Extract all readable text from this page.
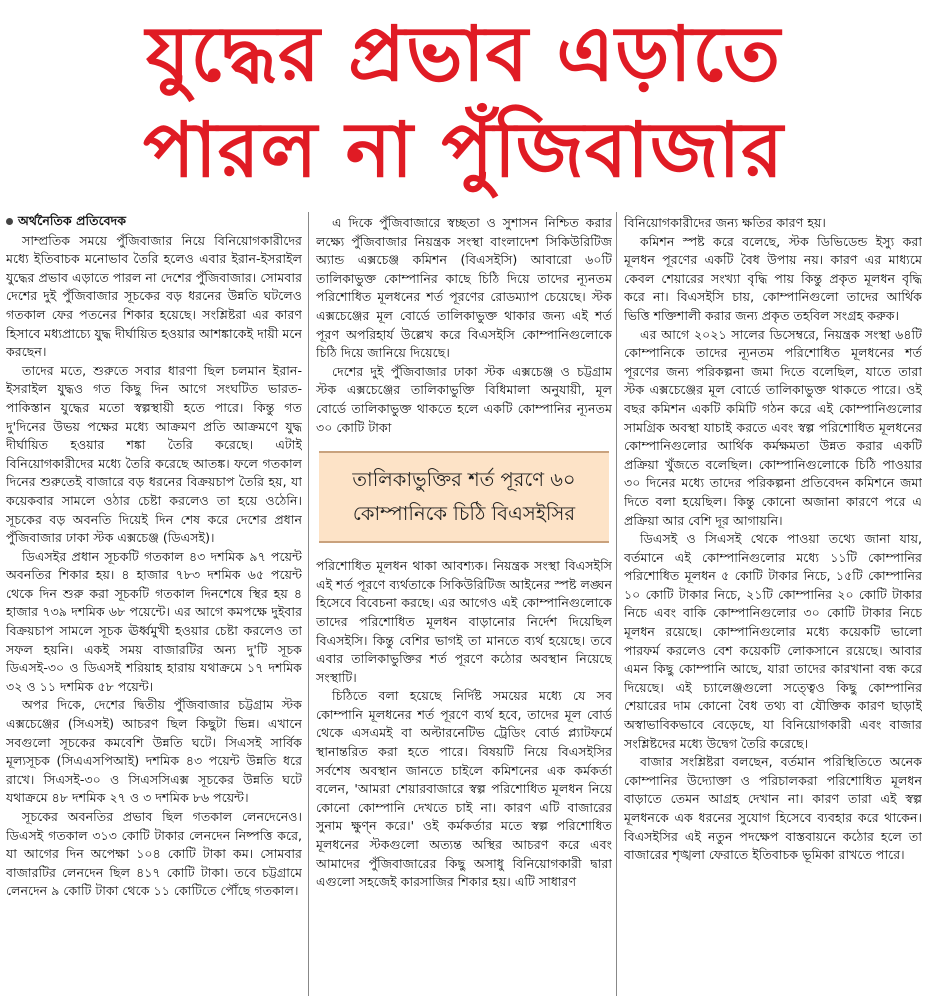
যুদ্ধের প্রভাব এড়াতে
পারল না পুঁজিবাজার
অর্থনৈতিক প্রতিবেদক

সাম্প্রতিক সময়ে পুঁজিবাজার নিয়ে বিনিয়োগকারীদের মধ্যে ইতিবাচক মনোভাব তৈরি হলেও এবার ইরান-ইসরাইল যুদ্ধের প্রভাব এড়াতে পারল না দেশের পুঁজিবাজার। সোমবার দেশের দুই পুঁজিবাজার সূচকের বড় ধরনের উন্নতি ঘটলেও গতকাল ফের পতনের শিকার হয়েছে। সংশ্লিষ্টরা এর কারণ হিসাবে মধ্যপ্রাচ্যে যুদ্ধ দীর্ঘায়িত হওয়ার আশঙ্কাকেই দায়ী মনে করছেন।

তাদের মতে, শুরুতে সবার ধারণা ছিল চলমান ইরান-ইসরাইল যুদ্ধও গত কিছু দিন আগে সংঘটিত ভারত-পাকিস্তান যুদ্ধের মতো স্বল্পস্থায়ী হতে পারে। কিন্তু গত দু'দিনের উভয় পক্ষের মধ্যে আক্রমণ প্রতি আক্রমণে যুদ্ধ দীর্ঘায়িত হওয়ার শঙ্কা তৈরি করেছে। এটাই বিনিয়োগকারীদের মধ্যে তৈরি করেছে আতঙ্ক। ফলে গতকাল দিনের শুরুতেই বাজারে বড় ধরনের বিক্রয়চাপ তৈরি হয়, যা কয়েকবার সামলে ওঠার চেষ্টা করলেও তা হয়ে ওঠেনি। সূচকের বড় অবনতি দিয়েই দিন শেষ করে দেশের প্রধান পুঁজিবাজার ঢাকা স্টক এক্সচেঞ্জ (ডিএসই)।

ডিএসইর প্রধান সূচকটি গতকাল ৪৩ দশমিক ৯৭ পয়েন্ট অবনতির শিকার হয়। ৪ হাজার ৭৮৩ দশমিক ৬৫ পয়েন্ট থেকে দিন শুরু করা সূচকটি গতকাল দিনশেষে স্থির হয় ৪ হাজার ৭৩৯ দশমিক ৬৮ পয়েন্টে। এর আগে কমপক্ষে দুইবার বিক্রয়চাপ সামলে সূচক ঊর্ধ্বমুখী হওয়ার চেষ্টা করলেও তা সফল হয়নি। একই সময় বাজারটির অন্য দু'টি সূচক ডিএসই-৩০ ও ডিএসই শরিয়াহ হারায় যথাক্রমে ১৭ দশমিক ৩২ ও ১১ দশমিক ৫৮ পয়েন্ট।

অপর দিকে, দেশের দ্বিতীয় পুঁজিবাজার চট্টগ্রাম স্টক এক্সচেঞ্জের (সিএসই) আচরণ ছিল কিছুটা ভিন্ন। এখানে সবগুলো সূচকের কমবেশি উন্নতি ঘটে। সিএসই সার্বিক মূল্যসূচক (সিএএসপিআই) দশমিক ৪৩ পয়েন্ট উন্নতি ধরে রাখে। সিএসই-৩০ ও সিএসসিএক্স সূচকের উন্নতি ঘটে যথাক্রমে ৪৮ দশমিক ২৭ ও ৩ দশমিক ৮৬ পয়েন্ট।

সূচকের অবনতির প্রভাব ছিল গতকাল লেনদেনেও। ডিএসই গতকাল ৩১৩ কোটি টাকার লেনদেন নিষ্পত্তি করে, যা আগের দিন অপেক্ষা ১০৪ কোটি টাকা কম। সোমবার বাজারটির লেনদেন ছিল ৪১৭ কোটি টাকা। তবে চট্টগ্রামে লেনদেন ৯ কোটি টাকা থেকে ১১ কোটিতে পৌঁছে গতকাল।

এ দিকে পুঁজিবাজারে স্বচ্ছতা ও সুশাসন নিশ্চিত করার লক্ষ্যে পুঁজিবাজার নিয়ন্ত্রক সংস্থা বাংলাদেশ সিকিউরিটিজ অ্যান্ড এক্সচেঞ্জ কমিশন (বিএসইসি) আবারো ৬০টি তালিকাভুক্ত কোম্পানির কাছে চিঠি দিয়ে তাদের ন্যূনতম পরিশোধিত মূলধনের শর্ত পূরণের রোডম্যাপ চেয়েছে। স্টক এক্সচেঞ্জের মূল বোর্ডে তালিকাভুক্ত থাকার জন্য এই শর্ত পূরণ অপরিহার্য উল্লেখ করে বিএসইসি কোম্পানিগুলোকে চিঠি দিয়ে জানিয়ে দিয়েছে।

দেশের দুই পুঁজিবাজার ঢাকা স্টক এক্সচেঞ্জ ও চট্টগ্রাম স্টক এক্সচেঞ্জের তালিকাভুক্তি বিধিমালা অনুযায়ী, মূল বোর্ডে তালিকাভুক্ত থাকতে হলে একটি কোম্পানির ন্যূনতম ৩০ কোটি টাকা

তালিকাভুক্তির শর্ত পূরণে ৬০ কোম্পানিকে চিঠি বিএসইসির

পরিশোধিত মূলধন থাকা আবশ্যক। নিয়ন্ত্রক সংস্থা বিএসইসি এই শর্ত পূরণে ব্যর্থতাকে সিকিউরিটিজ আইনের স্পষ্ট লঙ্ঘন হিসেবে বিবেচনা করছে। এর আগেও এই কোম্পানিগুলোকে তাদের পরিশোধিত মূলধন বাড়ানোর নির্দেশ দিয়েছিল বিএসইসি। কিন্তু বেশির ভাগই তা মানতে ব্যর্থ হয়েছে। তবে এবার তালিকাভুক্তির শর্ত পূরণে কঠোর অবস্থান নিয়েছে সংস্থাটি।

চিঠিতে বলা হয়েছে নির্দিষ্ট সময়ের মধ্যে যে সব কোম্পানি মূলধনের শর্ত পূরণে ব্যর্থ হবে, তাদের মূল বোর্ড থেকে এসএমই বা অল্টারনেটিভ ট্রেডিং বোর্ড প্ল্যাটফর্মে স্থানান্তরিত করা হতে পারে। বিষয়টি নিয়ে বিএসইসির সর্বশেষ অবস্থান জানতে চাইলে কমিশনের এক কর্মকর্তা বলেন, 'আমরা শেয়ারবাজারে স্বল্প পরিশোধিত মূলধন নিয়ে কোনো কোম্পানি দেখতে চাই না। কারণ এটি বাজারের সুনাম ক্ষুণ্ন করে।' ওই কর্মকর্তার মতে স্বল্প পরিশোধিত মূলধনের স্টকগুলো অত্যন্ত অস্থির আচরণ করে এবং আমাদের পুঁজিবাজারের কিছু অসাধু বিনিয়োগকারী দ্বারা এগুলো সহজেই কারসাজির শিকার হয়। এটি সাধারণ

বিনিয়োগকারীদের জন্য ক্ষতির কারণ হয়।

কমিশন স্পষ্ট করে বলেছে, স্টক ডিভিডেন্ড ইস্যু করা মূলধন পূরণের একটি বৈধ উপায় নয়। কারণ এর মাধ্যমে কেবল শেয়ারের সংখ্যা বৃদ্ধি পায় কিন্তু প্রকৃত মূলধন বৃদ্ধি করে না। বিএসইসি চায়, কোম্পানিগুলো তাদের আর্থিক ভিত্তি শক্তিশালী করার জন্য প্রকৃত তহবিল সংগ্রহ করুক।

এর আগে ২০২১ সালের ডিসেম্বরে, নিয়ন্ত্রক সংস্থা ৬৪টি কোম্পানিকে তাদের ন্যূনতম পরিশোধিত মূলধনের শর্ত পূরণের জন্য পরিকল্পনা জমা দিতে বলেছিল, যাতে তারা স্টক এক্সচেঞ্জের মূল বোর্ডে তালিকাভুক্ত থাকতে পারে। ওই বছর কমিশন একটি কমিটি গঠন করে এই কোম্পানিগুলোর সামগ্রিক অবস্থা যাচাই করতে এবং স্বল্প পরিশোধিত মূলধনের কোম্পানিগুলোর আর্থিক কর্মক্ষমতা উন্নত করার একটি প্রক্রিয়া খুঁজতে বলেছিল। কোম্পানিগুলোকে চিঠি পাওয়ার ৩০ দিনের মধ্যে তাদের পরিকল্পনা প্রতিবেদন কমিশনে জমা দিতে বলা হয়েছিল। কিন্তু কোনো অজানা কারণে পরে এ প্রক্রিয়া আর বেশি দূর আগায়নি।

ডিএসই ও সিএসই থেকে পাওয়া তথ্যে জানা যায়, বর্তমানে এই কোম্পানিগুলোর মধ্যে ১১টি কোম্পানির পরিশোধিত মূলধন ৫ কোটি টাকার নিচে, ১৫টি কোম্পানির ১০ কোটি টাকার নিচে, ২১টি কোম্পানির ২০ কোটি টাকার নিচে এবং বাকি কোম্পানিগুলোর ৩০ কোটি টাকার নিচে মূলধন রয়েছে। কোম্পানিগুলোর মধ্যে কয়েকটি ভালো পারফর্ম করলেও বেশ কয়েকটি লোকসানে রয়েছে। আবার এমন কিছু কোম্পানি আছে, যারা তাদের কারখানা বন্ধ করে দিয়েছে। এই চ্যালেঞ্জগুলো সত্ত্বেও কিছু কোম্পানির শেয়ারের দাম কোনো বৈধ তথ্য বা যৌক্তিক কারণ ছাড়াই অস্বাভাবিকভাবে বেড়েছে, যা বিনিয়োগকারী এবং বাজার সংশ্লিষ্টদের মধ্যে উদ্বেগ তৈরি করেছে।

বাজার সংশ্লিষ্টরা বলছেন, বর্তমান পরিস্থিতিতে অনেক কোম্পানির উদ্যোক্তা ও পরিচালকরা পরিশোধিত মূলধন বাড়াতে তেমন আগ্রহ দেখান না। কারণ তারা এই স্বল্প মূলধনকে এক ধরনের সুযোগ হিসেবে ব্যবহার করে থাকেন। বিএসইসির এই নতুন পদক্ষেপ বাস্তবায়নে কঠোর হলে তা বাজারের শৃঙ্খলা ফেরাতে ইতিবাচক ভূমিকা রাখতে পারে।
